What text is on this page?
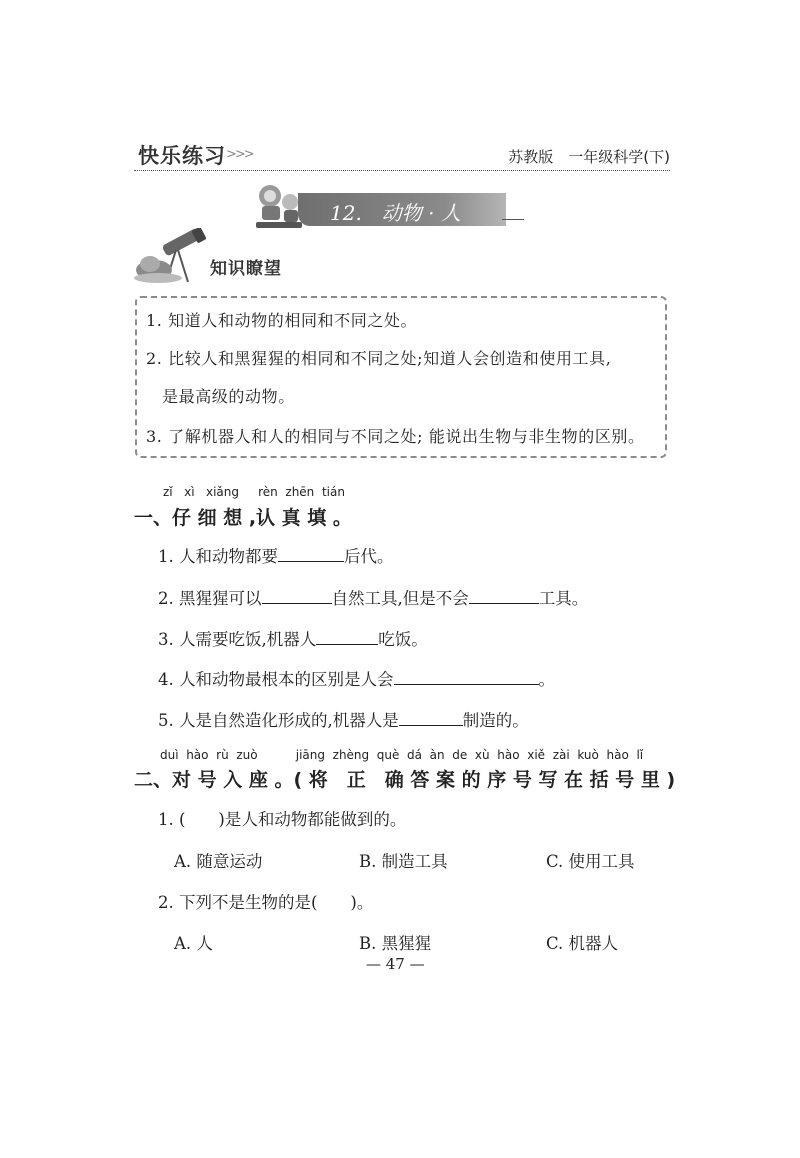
快乐练习 >>>	苏教版　一年级科学(下)
12.　动物 · 人
知识瞭望
1. 知道人和动物的相同和不同之处。
2. 比较人和黑猩猩的相同和不同之处;知道人会创造和使用工具,
是最高级的动物。
3. 了解机器人和人的相同与不同之处; 能说出生物与非生物的区别。
zǐ xì xiǎng rèn zhēn tián
一、仔 细 想 ,认 真 填 。
1. 人和动物都要	后代。
2. 黑猩猩可以	自然工具,但是不会	工具。
3. 人需要吃饭,机器人	吃饭。
4. 人和动物最根本的区别是人会	。
5. 人是自然造化形成的,机器人是	制造的。
duì hào rù zuò	jiāng zhèng què dá àn de xù hào xiě zài kuò hào lǐ
二、对 号 入 座 。( 将　正　确 答 案 的 序 号 写 在 括 号 里 )
1. (　　)是人和动物都能做到的。
A. 随意运动	B. 制造工具	C. 使用工具
2. 下列不是生物的是(　　)。
A. 人	B. 黑猩猩	C. 机器人
— 47 —
